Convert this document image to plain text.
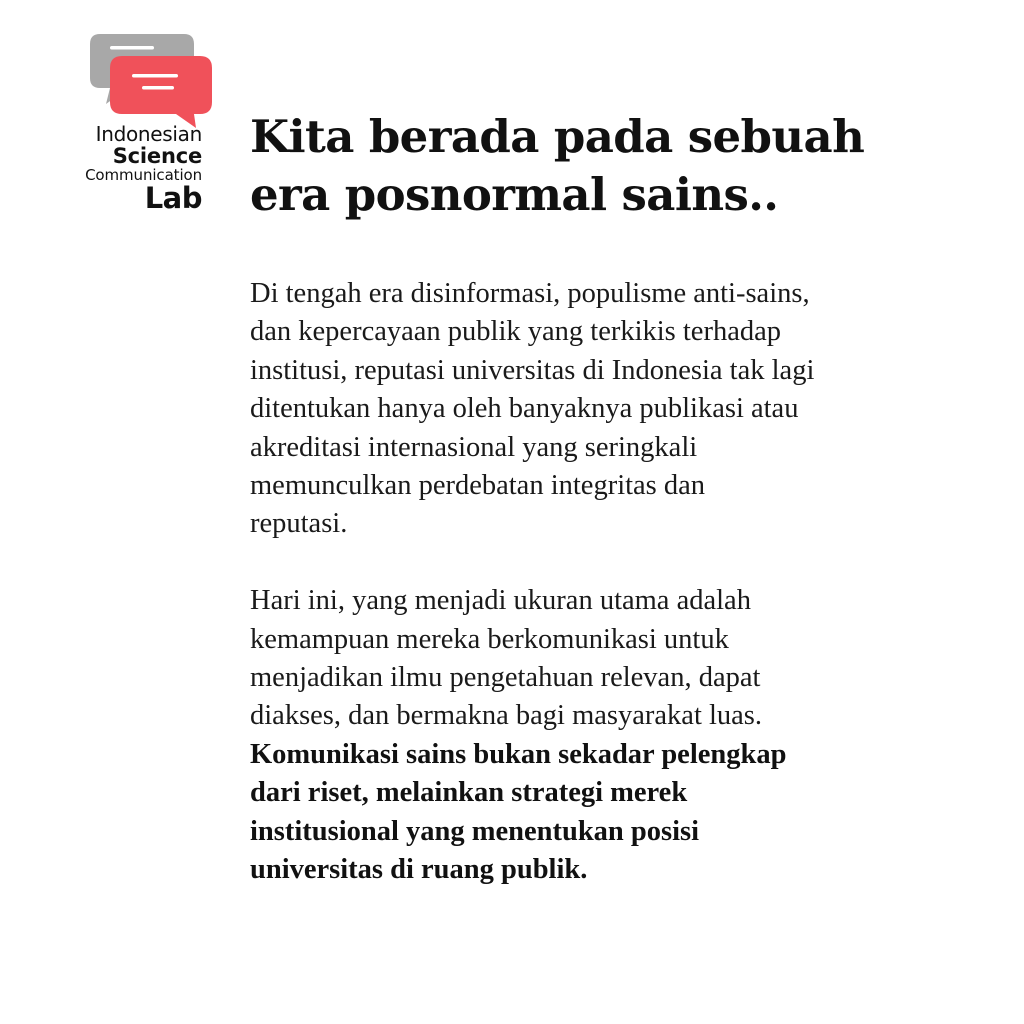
Indonesian
Science
Communication
Lab
Kita berada pada sebuah
era posnormal sains..
Di tengah era disinformasi, populisme anti-sains,
dan kepercayaan publik yang terkikis terhadap
institusi, reputasi universitas di Indonesia tak lagi
ditentukan hanya oleh banyaknya publikasi atau
akreditasi internasional yang seringkali
memunculkan perdebatan integritas dan
reputasi.
Hari ini, yang menjadi ukuran utama adalah
kemampuan mereka berkomunikasi untuk
menjadikan ilmu pengetahuan relevan, dapat
diakses, dan bermakna bagi masyarakat luas.
Komunikasi sains bukan sekadar pelengkap
dari riset, melainkan strategi merek
institusional yang menentukan posisi
universitas di ruang publik.
